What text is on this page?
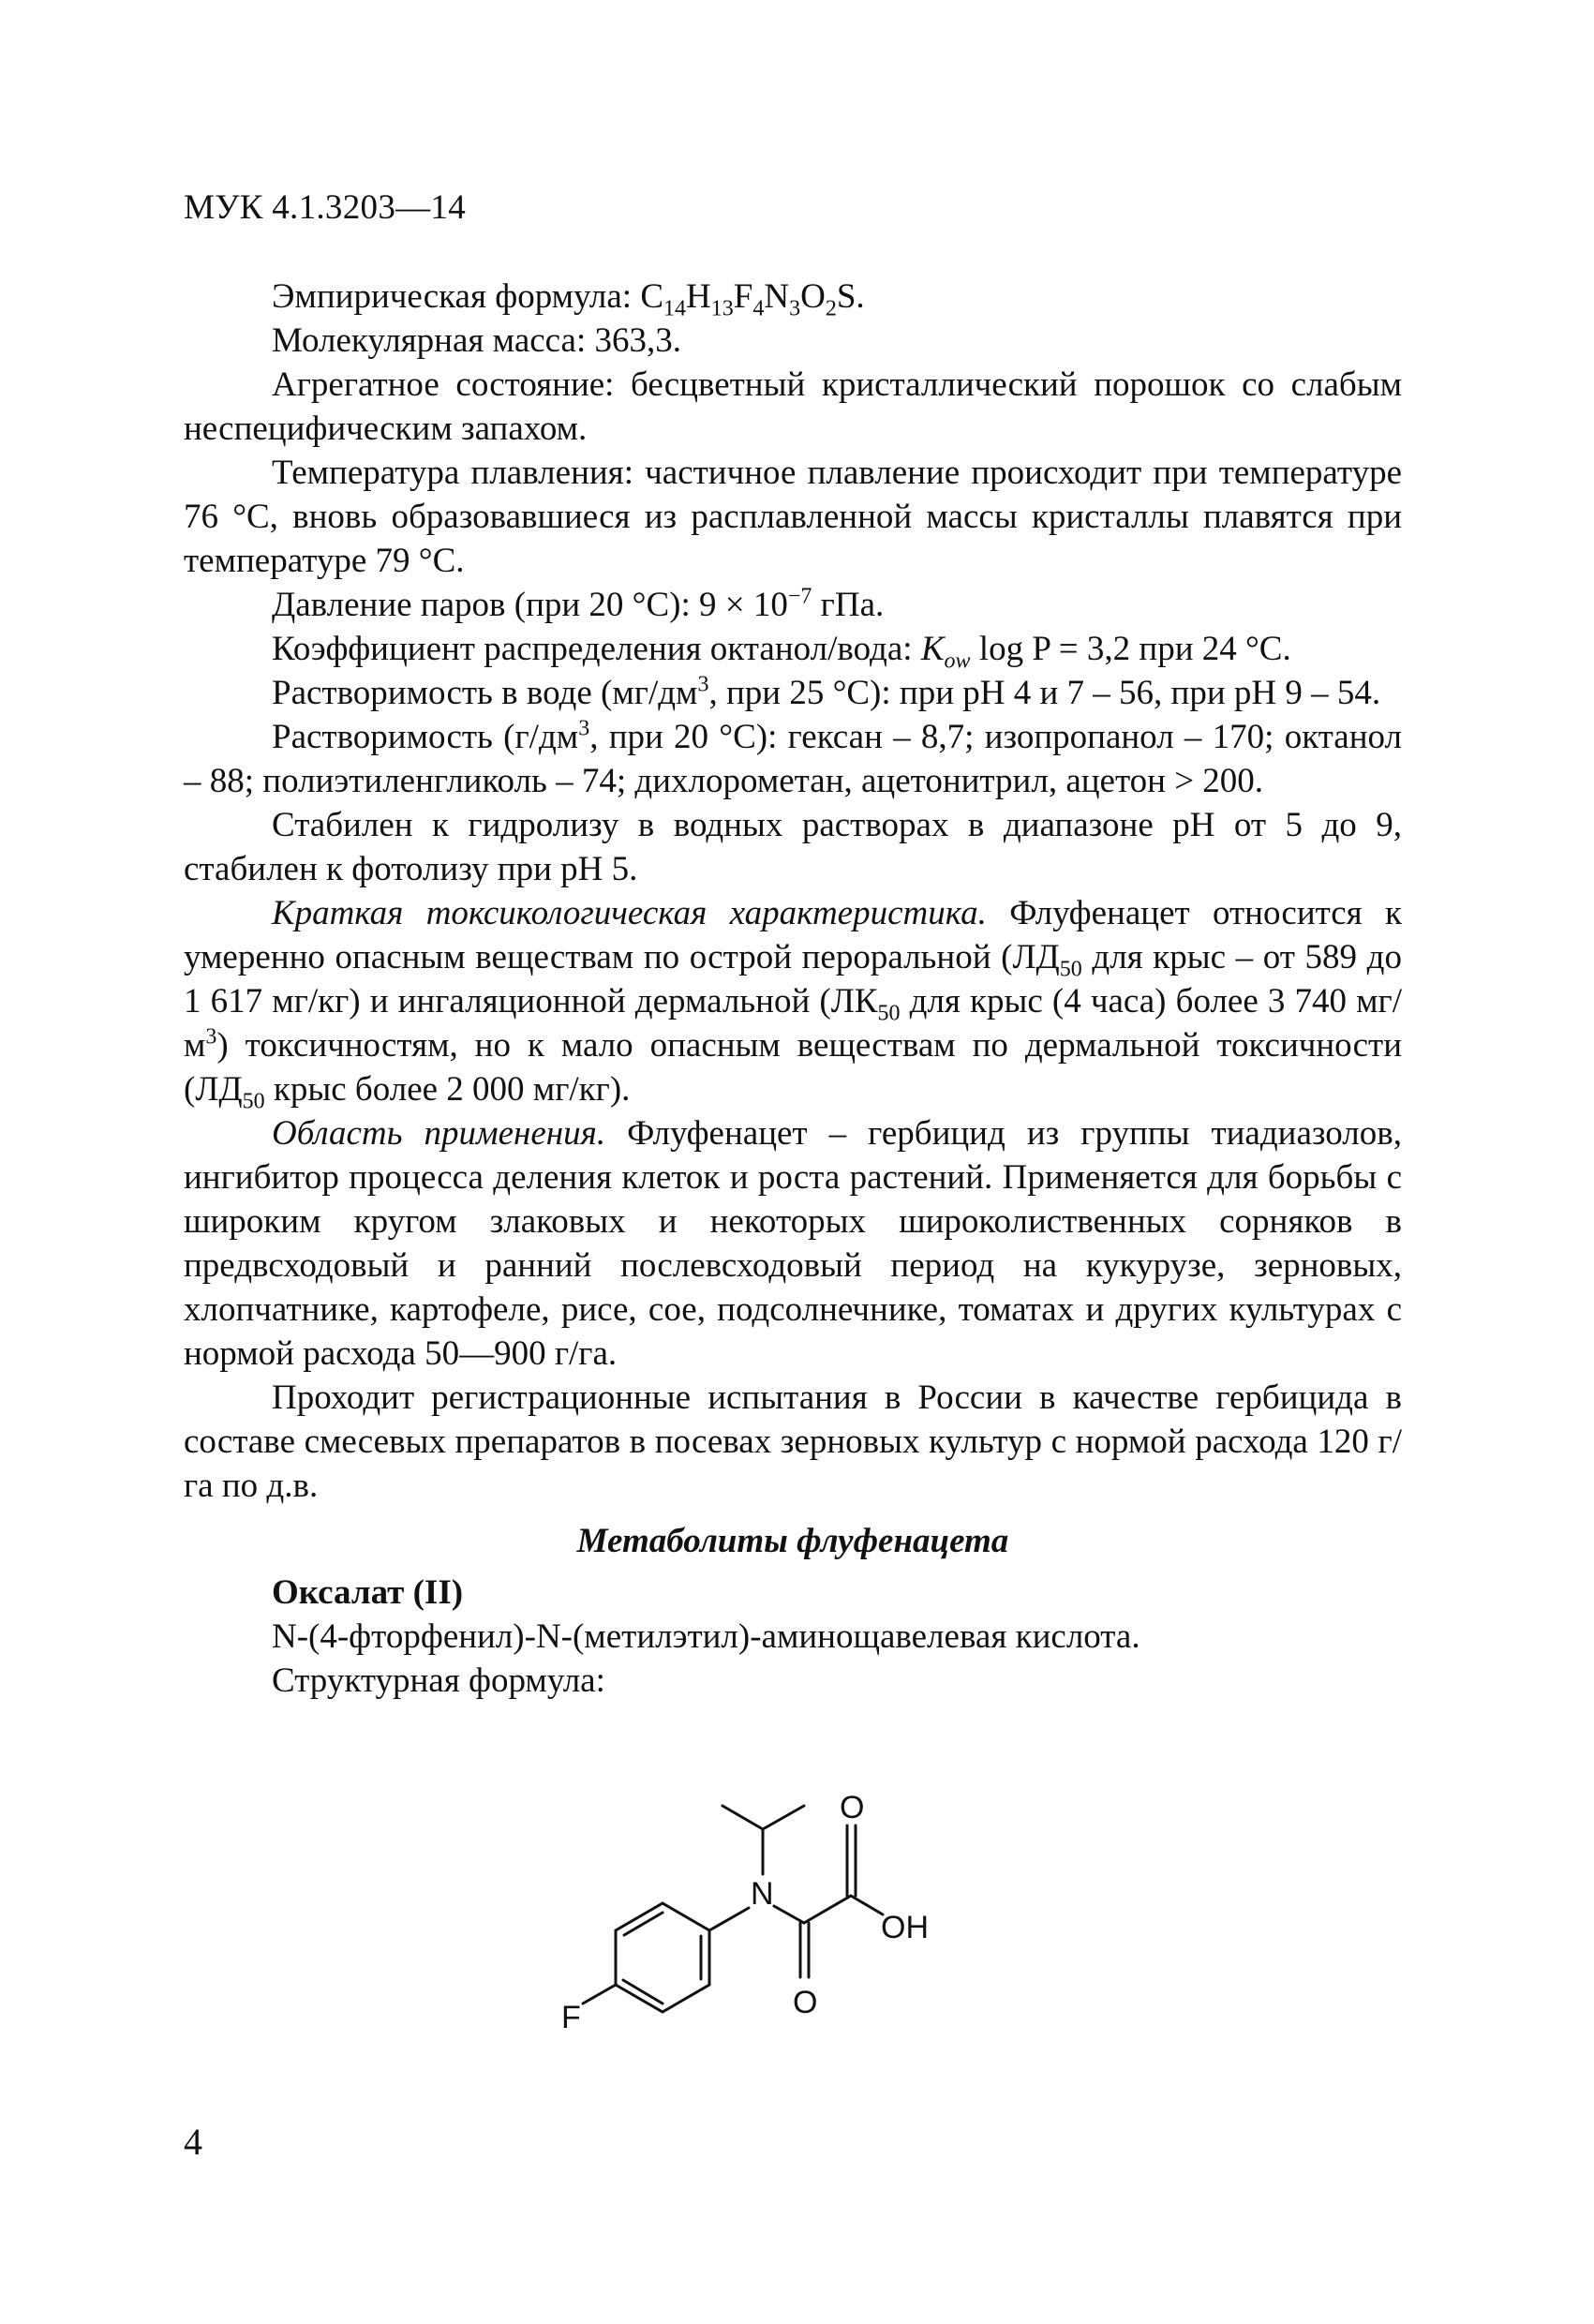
МУК 4.1.3203—14

Эмпирическая формула: $C_{14}H_{13}F_4N_3O_2S$.

Молекулярная масса: 363,3.

Агрегатное состояние: бесцветный кристаллический порошок со слабым неспецифическим запахом.

Температура плавления: частичное плавление происходит при температуре 76 °C, вновь образовавшиеся из расплавленной массы кристаллы плавятся при температуре 79 °C.

Давление паров (при 20 °C): $9 \times 10^{-7}$ гПа.

Коэффициент распределения октанол/вода: $K_{ow}$ log P = 3,2 при 24 °C.

Растворимость в воде ($мг/дм^3$, при 25 °C): при pH 4 и 7 – 56, при pH 9 – 54.

Растворимость ($г/дм^3$, при 20 °C): гексан – 8,7; изопропанол – 170; октанол – 88; полиэтиленгликоль – 74; дихлорометан, ацетонитрил, ацетон > 200.

Стабилен к гидролизу в водных растворах в диапазоне pH от 5 до 9, стабилен к фотолизу при pH 5.

Краткая токсикологическая характеристика. Флуфенацет относится к умеренно опасным веществам по острой пероральной ($ЛД_{50}$ для крыс – от 589 до 1 617 мг/кг) и ингаляционной дермальной ($ЛК_{50}$ для крыс (4 часа) более 3 740 $мг/м^3$) токсичностям, но к мало опасным веществам по дермальной токсичности ($ЛД_{50}$ крыс более 2 000 мг/кг).

Область применения. Флуфенацет – гербицид из группы тиадиазолов, ингибитор процесса деления клеток и роста растений. Применяется для борьбы с широким кругом злаковых и некоторых широколиственных сорняков в предвсходовый и ранний послевсходовый период на кукурузе, зерновых, хлопчатнике, картофеле, рисе, сое, подсолнечнике, томатах и других культурах с нормой расхода 50—900 г/га.

Проходит регистрационные испытания в России в качестве гербицида в составе смесевых препаратов в посевах зерновых культур с нормой расхода 120 г/га по д.в.

Метаболиты флуфенацета

Оксалат (II)

N-(4-фторфенил)-N-(метилэтил)-аминощавелевая кислота.

Структурная формула:

N
O
OH
O
F
4
